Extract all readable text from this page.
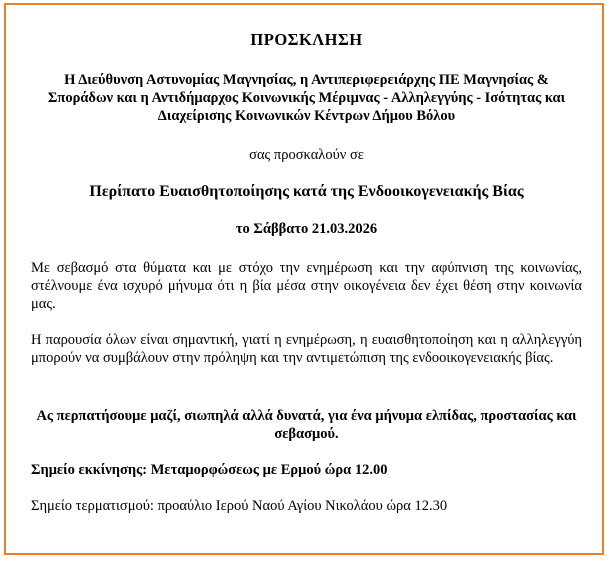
ΠΡΟΣΚΛΗΣΗ

Η Διεύθυνση Αστυνομίας Μαγνησίας, η Αντιπεριφερειάρχης ΠΕ Μαγνησίας & Σποράδων και η Αντιδήμαρχος Κοινωνικής Μέριμνας - Αλληλεγγύης - Ισότητας και Διαχείρισης Κοινωνικών Κέντρων Δήμου Βόλου

σας προσκαλούν σε

Περίπατο Ευαισθητοποίησης κατά της Ενδοοικογενειακής Βίας

το Σάββατο 21.03.2026

Με σεβασμό στα θύματα και με στόχο την ενημέρωση και την αφύπνιση της κοινωνίας, στέλνουμε ένα ισχυρό μήνυμα ότι η βία μέσα στην οικογένεια δεν έχει θέση στην κοινωνία μας.

Η παρουσία όλων είναι σημαντική, γιατί η ενημέρωση, η ευαισθητοποίηση και η αλληλεγγύη μπορούν να συμβάλουν στην πρόληψη και την αντιμετώπιση της ενδοοικογενειακής βίας.

Ας περπατήσουμε μαζί, σιωπηλά αλλά δυνατά, για ένα μήνυμα ελπίδας, προστασίας και σεβασμού.

Σημείο εκκίνησης: Μεταμορφώσεως με Ερμού ώρα 12.00

Σημείο τερματισμού: προαύλιο Ιερού Ναού Αγίου Νικολάου ώρα 12.30
